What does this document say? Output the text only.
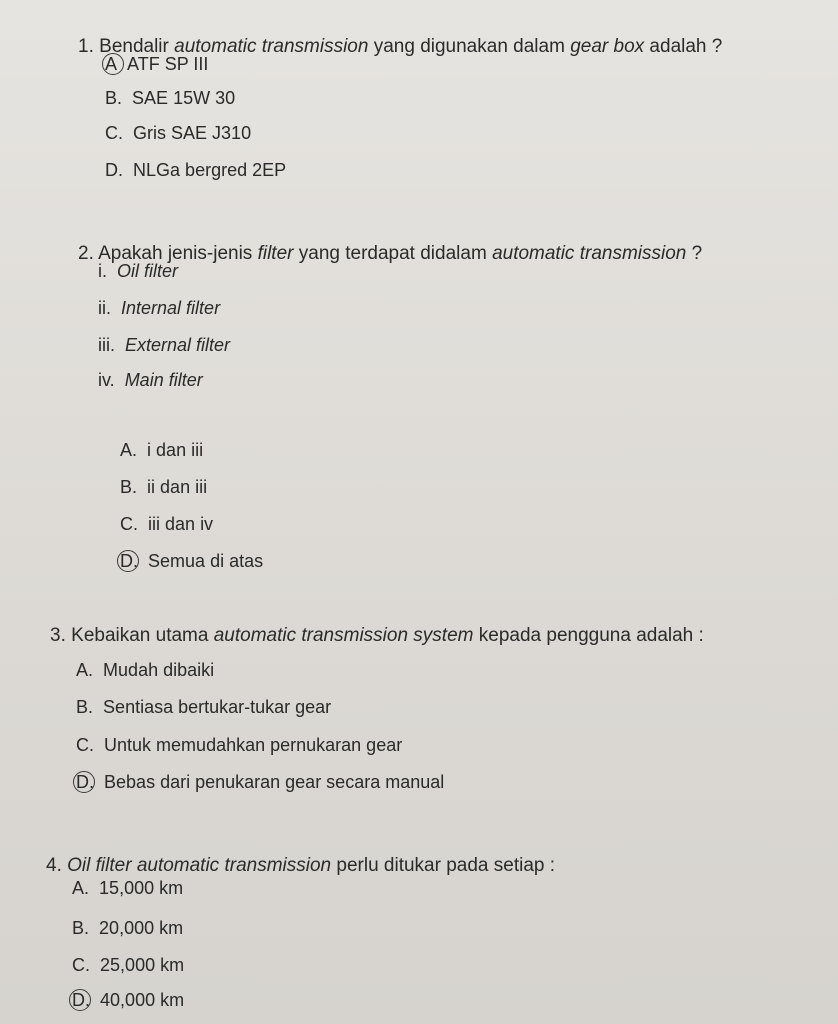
1. Bendalir automatic transmission yang digunakan dalam gear box adalah ?
A ATF SP III
B. SAE 15W 30
C. Gris SAE J310
D. NLGa bergred 2EP
2. Apakah jenis-jenis filter yang terdapat didalam automatic transmission ?
i. Oil filter
ii. Internal filter
iii. External filter
iv. Main filter
A. i dan iii
B. ii dan iii
C. iii dan iv
D. Semua di atas
3. Kebaikan utama automatic transmission system kepada pengguna adalah :
A. Mudah dibaiki
B. Sentiasa bertukar-tukar gear
C. Untuk memudahkan pernukaran gear
D. Bebas dari penukaran gear secara manual
4. Oil filter automatic transmission perlu ditukar pada setiap :
A. 15,000 km
B. 20,000 km
C. 25,000 km
D. 40,000 km
